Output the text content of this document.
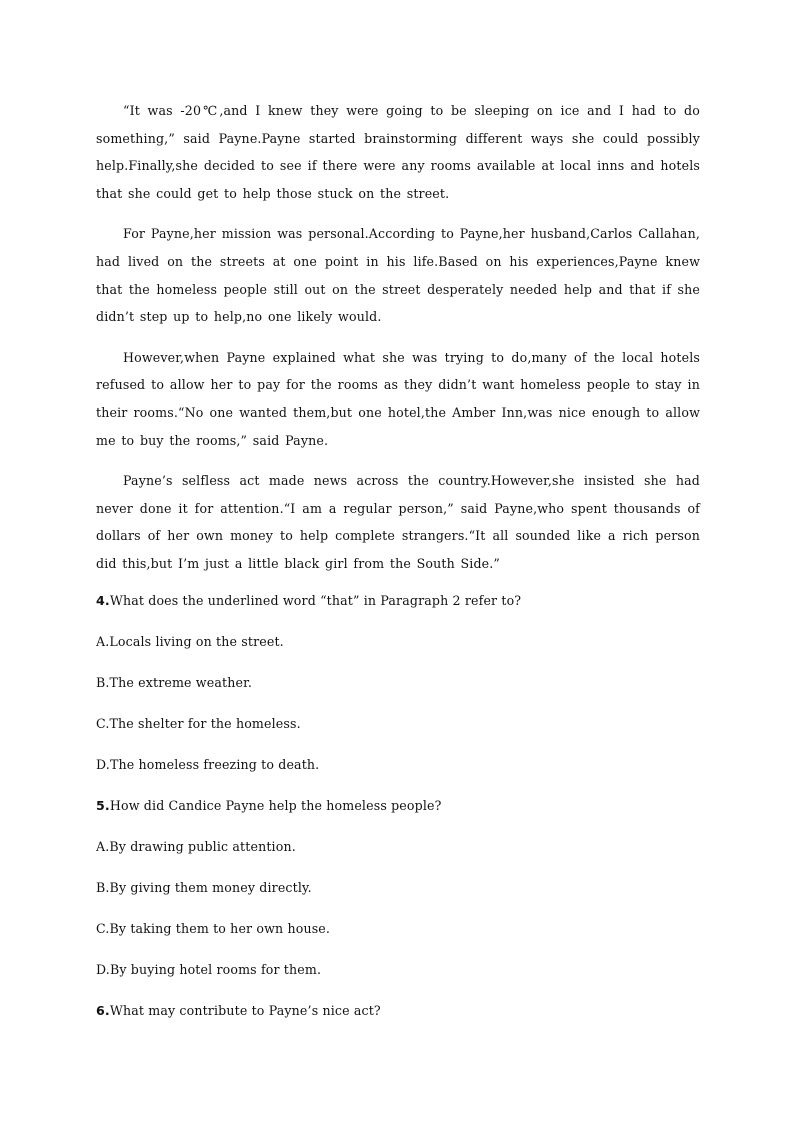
“It was -20℃,and I knew they were going to be sleeping on ice and I had to do something,” said Payne.Payne started brainstorming different ways she could possibly help.Finally,she decided to see if there were any rooms available at local inns and hotels that she could get to help those stuck on the street.

For Payne,her mission was personal.According to Payne,her husband,Carlos Callahan, had lived on the streets at one point in his life.Based on his experiences,Payne knew that the homeless people still out on the street desperately needed help and that if she didn’t step up to help,no one likely would.

However,when Payne explained what she was trying to do,many of the local hotels refused to allow her to pay for the rooms as they didn’t want homeless people to stay in their rooms.“No one wanted them,but one hotel,the Amber Inn,was nice enough to allow me to buy the rooms,” said Payne.

Payne’s selfless act made news across the country.However,she insisted she had never done it for attention.“I am a regular person,” said Payne,who spent thousands of dollars of her own money to help complete strangers.“It all sounded like a rich person did this,but I’m just a little black girl from the South Side.”

4.What does the underlined word “that” in Paragraph 2 refer to?

A.Locals living on the street.

B.The extreme weather.

C.The shelter for the homeless.

D.The homeless freezing to death.

5.How did Candice Payne help the homeless people?

A.By drawing public attention.

B.By giving them money directly.

C.By taking them to her own house.

D.By buying hotel rooms for them.

6.What may contribute to Payne’s nice act?
